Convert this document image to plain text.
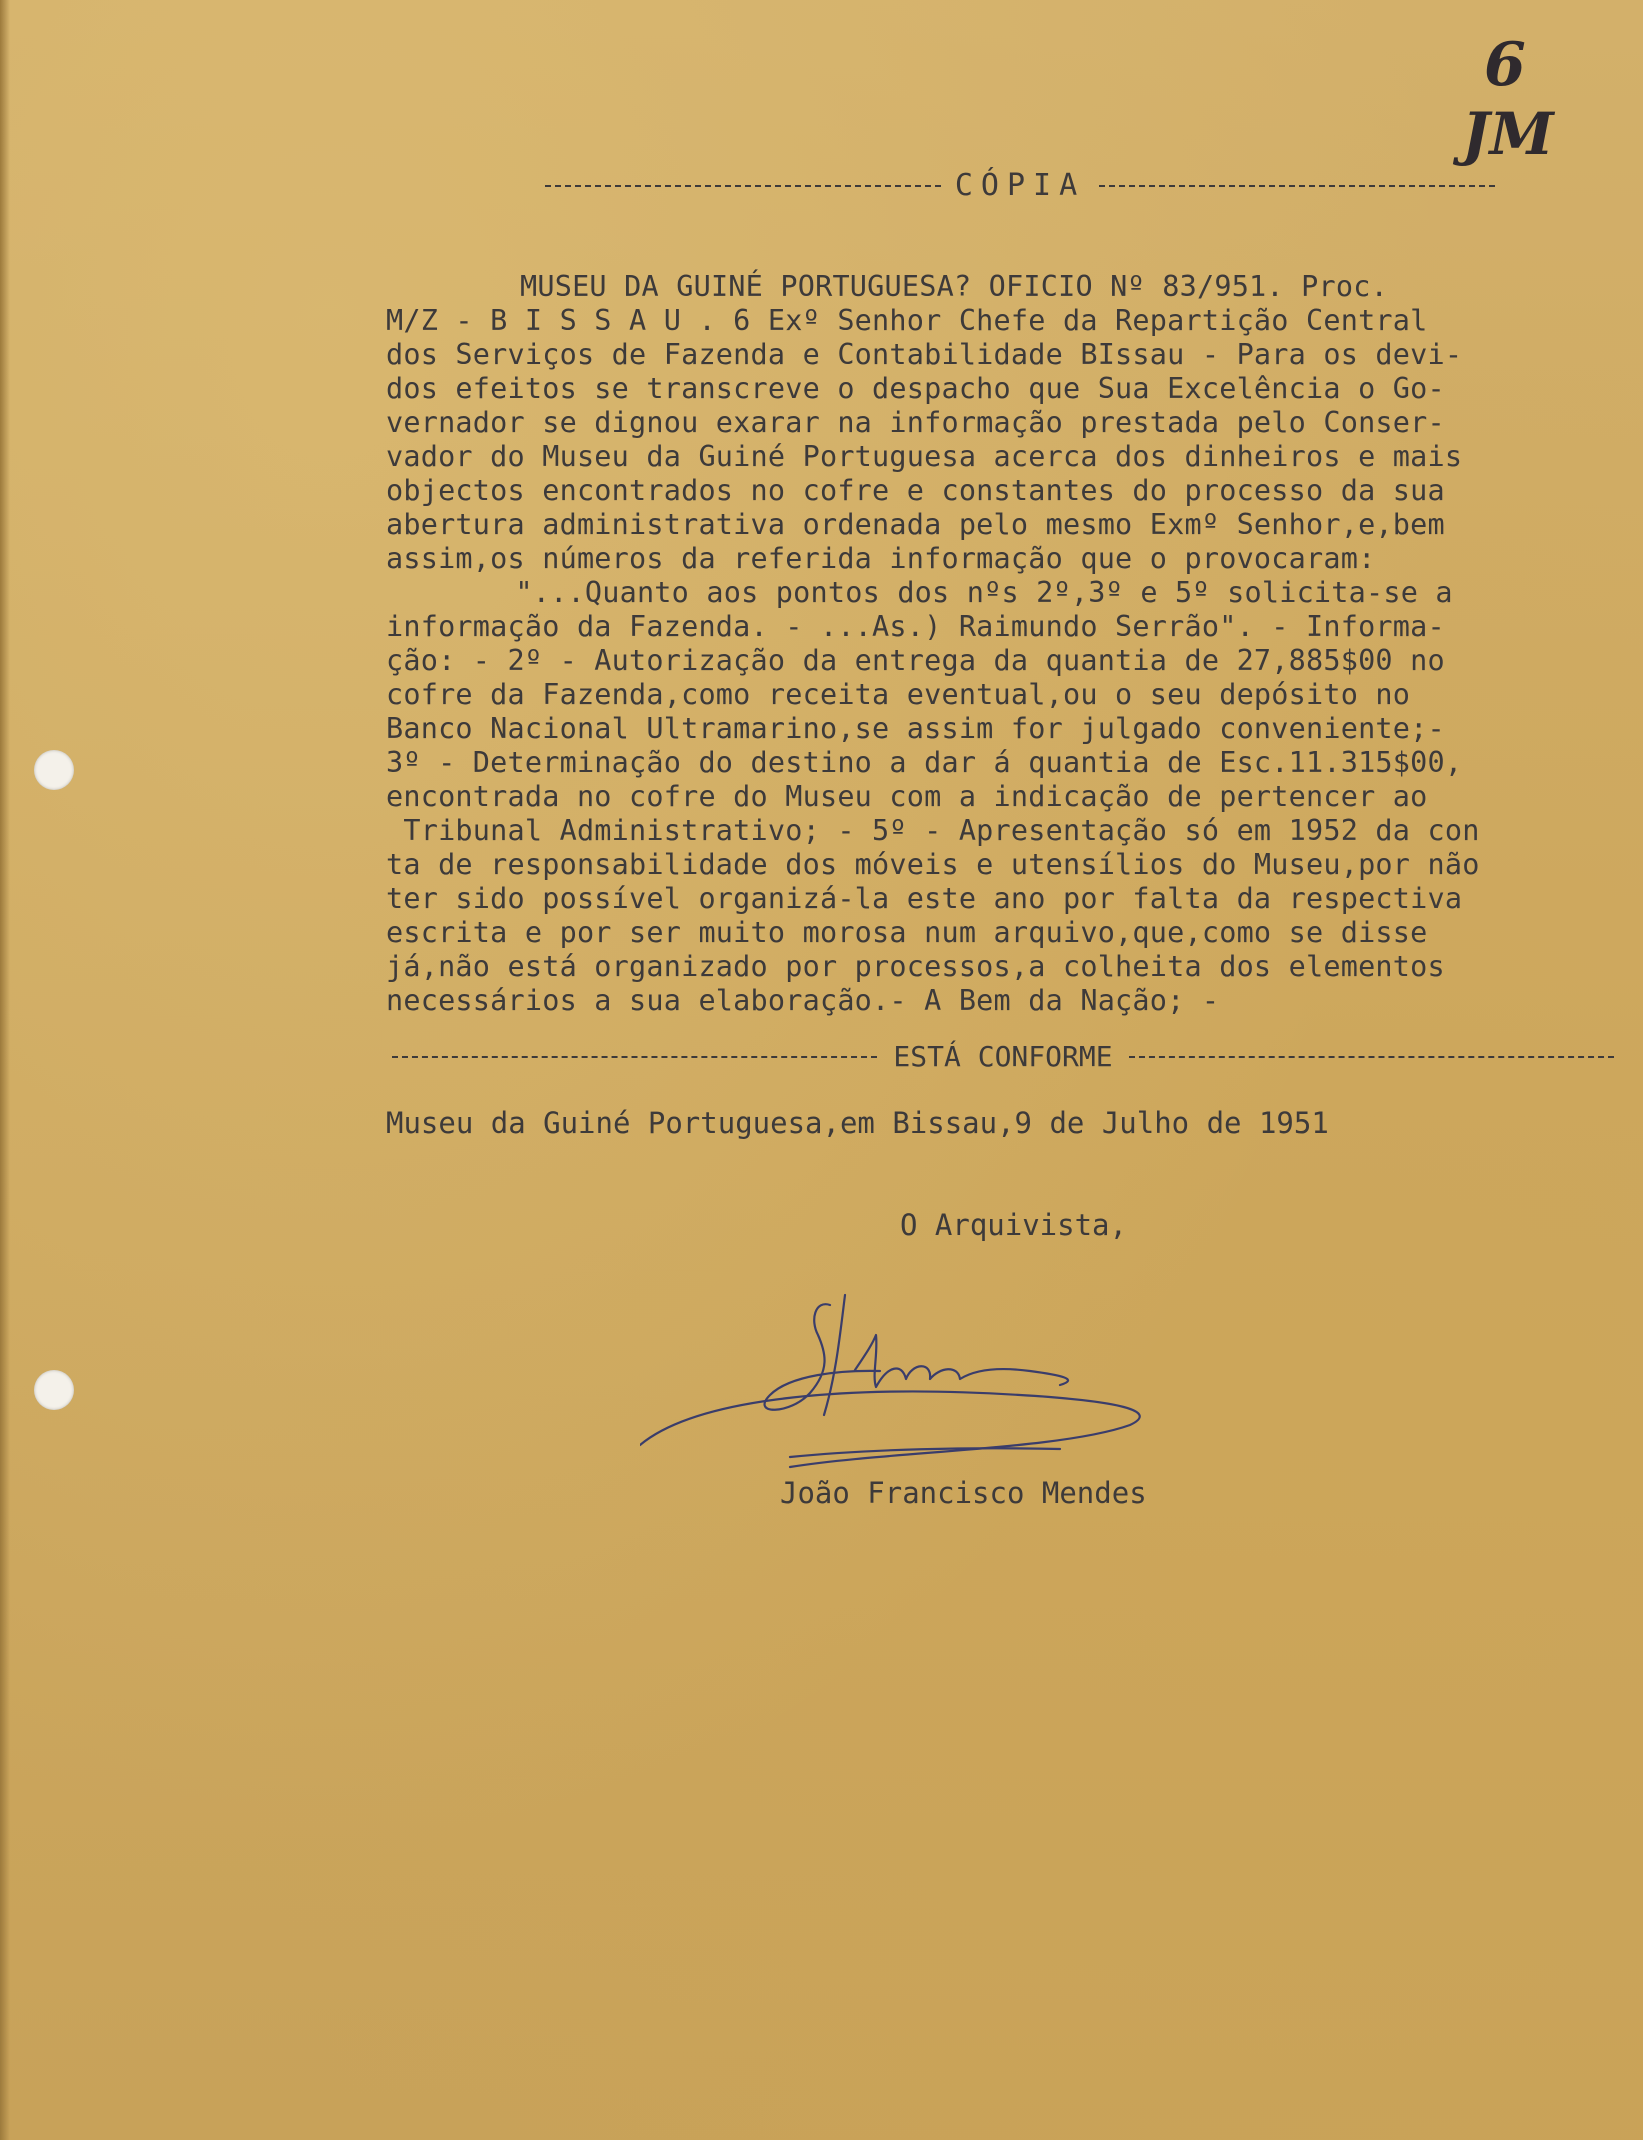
6
JM
CÓPIA
MUSEU DA GUINÉ PORTUGUESA? OFICIO Nº 83/951. Proc.
M/Z - B I S S A U . 6 Exº Senhor Chefe da Repartição Central
dos Serviços de Fazenda e Contabilidade BIssau - Para os devi-
dos efeitos se transcreve o despacho que Sua Excelência o Go-
vernador se dignou exarar na informação prestada pelo Conser-
vador do Museu da Guiné Portuguesa acerca dos dinheiros e mais
objectos encontrados no cofre e constantes do processo da sua
abertura administrativa ordenada pelo mesmo Exmº Senhor,e,bem
assim,os números da referida informação que o provocaram:
"...Quanto aos pontos dos nºs 2º,3º e 5º solicita-se a
informação da Fazenda. - ...As.) Raimundo Serrão". - Informa-
ção: - 2º - Autorização da entrega da quantia de 27,885$00 no
cofre da Fazenda,como receita eventual,ou o seu depósito no
Banco Nacional Ultramarino,se assim for julgado conveniente;-
3º - Determinação do destino a dar á quantia de Esc.11.315$00,
encontrada no cofre do Museu com a indicação de pertencer ao
Tribunal Administrativo; - 5º - Apresentação só em 1952 da con
ta de responsabilidade dos móveis e utensílios do Museu,por não
ter sido possível organizá-la este ano por falta da respectiva
escrita e por ser muito morosa num arquivo,que,como se disse
já,não está organizado por processos,a colheita dos elementos
necessários a sua elaboração.- A Bem da Nação; -
ESTÁ CONFORME
Museu da Guiné Portuguesa,em Bissau,9 de Julho de 1951
O Arquivista,
João Francisco Mendes
